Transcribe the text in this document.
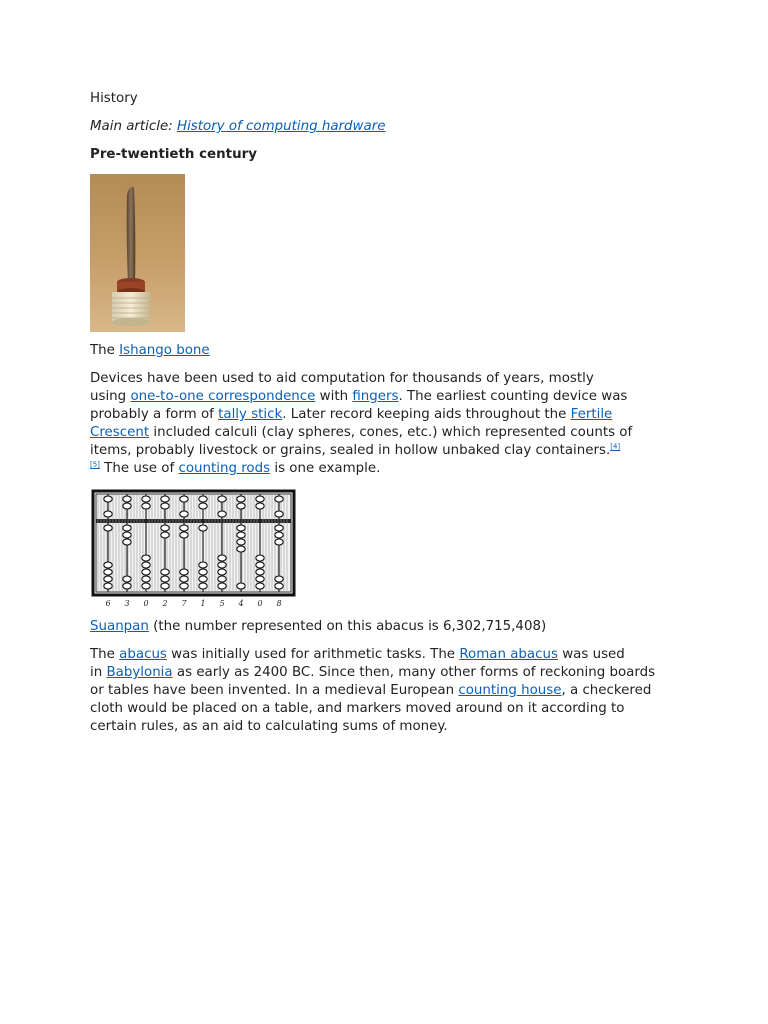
History
Main article: History of computing hardware
Pre-twentieth century
The Ishango bone
Devices have been used to aid computation for thousands of years, mostly
using one-to-one correspondence with fingers. The earliest counting device was
probably a form of tally stick. Later record keeping aids throughout the Fertile
Crescent included calculi (clay spheres, cones, etc.) which represented counts of
items, probably livestock or grains, sealed in hollow unbaked clay containers.[4]
[5] The use of counting rods is one example.
6 3 0 2 7 1 5 4 0 8
Suanpan (the number represented on this abacus is 6,302,715,408)
The abacus was initially used for arithmetic tasks. The Roman abacus was used
in Babylonia as early as 2400 BC. Since then, many other forms of reckoning boards
or tables have been invented. In a medieval European counting house, a checkered
cloth would be placed on a table, and markers moved around on it according to
certain rules, as an aid to calculating sums of money.
